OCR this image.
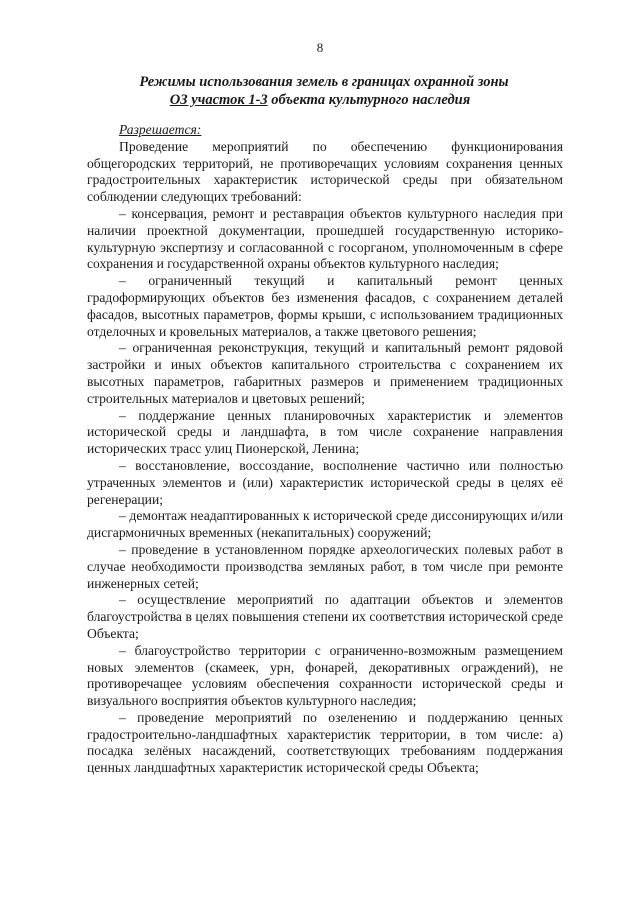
8
Режимы использования земель в границах охранной зоны
ОЗ участок 1-3 объекта культурного наследия

Разрешается:

Проведение мероприятий по обеспечению функционирования общегородских территорий, не противоречащих условиям сохранения ценных градостроительных характеристик исторической среды при обязательном соблюдении следующих требований:

– консервация, ремонт и реставрация объектов культурного наследия при наличии проектной документации, прошедшей государственную историко-культурную экспертизу и согласованной с госорганом, уполномоченным в сфере сохранения и государственной охраны объектов культурного наследия;

– ограниченный текущий и капитальный ремонт ценных градоформирующих объектов без изменения фасадов, с сохранением деталей фасадов, высотных параметров, формы крыши, с использованием традиционных отделочных и кровельных материалов, а также цветового решения;

– ограниченная реконструкция, текущий и капитальный ремонт рядовой застройки и иных объектов капитального строительства с сохранением их высотных параметров, габаритных размеров и применением традиционных строительных материалов и цветовых решений;

– поддержание ценных планировочных характеристик и элементов исторической среды и ландшафта, в том числе сохранение направления исторических трасс улиц Пионерской, Ленина;

– восстановление, воссоздание, восполнение частично или полностью утраченных элементов и (или) характеристик исторической среды в целях её регенерации;

– демонтаж неадаптированных к исторической среде диссонирующих и/или дисгармоничных временных (некапитальных) сооружений;

– проведение в установленном порядке археологических полевых работ в случае необходимости производства земляных работ, в том числе при ремонте инженерных сетей;

– осуществление мероприятий по адаптации объектов и элементов благоустройства в целях повышения степени их соответствия исторической среде Объекта;

– благоустройство территории с ограниченно-возможным размещением новых элементов (скамеек, урн, фонарей, декоративных ограждений), не противоречащее условиям обеспечения сохранности исторической среды и визуального восприятия объектов культурного наследия;

– проведение мероприятий по озеленению и поддержанию ценных градостроительно-ландшафтных характеристик территории, в том числе: а) посадка зелёных насаждений, соответствующих требованиям поддержания ценных ландшафтных характеристик исторической среды Объекта;
